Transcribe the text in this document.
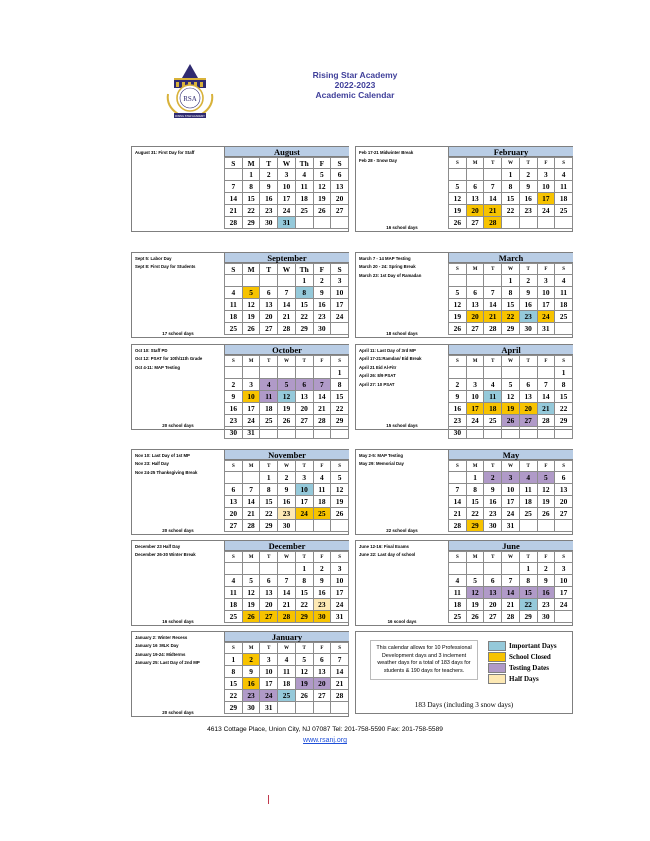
RSA
RISING STAR ACADEMY
Rising Star Academy
2022-2023
Academic Calendar
August 31: First Day for Staff	August
S	M	T	W	Th	F	S
	1	2	3	4	5	6
7	8	9	10	11	12	13
14	15	16	17	18	19	20
21	22	23	24	25	26	27
28	29	30	31			
Sept 5: Labor Day
Sept 8: First Day for Students
17 school days
September
S	M	T	W	Th	F	S
				1	2	3
4	5	6	7	8	9	10
11	12	13	14	15	16	17
18	19	20	21	22	23	24
25	26	27	28	29	30	
Oct 10: Staff PD
Oct 12: PSAT for 10th/11th Grade
Oct 4-11: MAP Testing
20 school days
October
S	M	T	W	T	F	S
						1
2	3	4	5	6	7	8
9	10	11	12	13	14	15
16	17	18	19	20	21	22
23	24	25	26	27	28	29
30	31					
Nov 10: Last Day of 1st MP
Nov 23: Half Day
Nov 24-25 Thanksgiving Break
20 school days
November
S	M	T	W	T	F	S
		1	2	3	4	5
6	7	8	9	10	11	12
13	14	15	16	17	18	19
20	21	22	23	24	25	26
27	28	29	30			
December 23 Half Day
December 26-30 Winter Break
16 school days
December
S	M	T	W	T	F	S
				1	2	3
4	5	6	7	8	9	10
11	12	13	14	15	16	17
18	19	20	21	22	23	24
25	26	27	28	29	30	31
January 2: Winter Recess
January 16 :MLK Day
January 19-24: Midterms
January 25: Last Day of 2nd MP
20 school days
January
S	M	T	W	T	F	S
1	2	3	4	5	6	7
8	9	10	11	12	13	14
15	16	17	18	19	20	21
22	23	24	25	26	27	28
29	30	31				
Feb 17-21 Midwinter Break
Feb 28 - Snow Day
16 school days
February
S	M	T	W	T	F	S
			1	2	3	4
5	6	7	8	9	10	11
12	13	14	15	16	17	18
19	20	21	22	23	24	25
26	27	28				
March 7 - 14 MAP Testing
March 20 - 24: Spring Break
March 23: 1st Day of Ramadan
18 school days
March
S	M	T	W	T	F	S
			1	2	3	4
5	6	7	8	9	10	11
12	13	14	15	16	17	18
19	20	21	22	23	24	25
26	27	28	29	30	31	
April 11: Last Day of 3rd MP
April 17-21:Ramdan/ Eid Break
April 21 Eid Al-Fitr
April 26: 8/9 PSAT
April 27: 10 PSAT
15 school days
April
S	M	T	W	T	F	S
						1
2	3	4	5	6	7	8
9	10	11	12	13	14	15
16	17	18	19	20	21	22
23	24	25	26	27	28	29
30						
May 2-5: MAP Testing
May 29: Memorial Day
22 school days
May
S	M	T	W	T	F	S
	1	2	3	4	5	6
7	8	9	10	11	12	13
14	15	16	17	18	19	20
21	22	23	24	25	26	27
28	29	30	31			
June 12-16: Final Exams
June 22: Last day of school
16 scool days
June
S	M	T	W	T	F	S
				1	2	3
4	5	6	7	8	9	10
11	12	13	14	15	16	17
18	19	20	21	22	23	24
25	26	27	28	29	30	
This calendar allows for 10 Professional Development days and 3 inclement weather days for a total of 183 days for students & 190 days for teachers.
Important Days
School Closed
Testing Dates
Half Days
183 Days (including 3 snow days)
4613 Cottage Place, Union City, NJ 07087 Tel: 201-758-5590 Fax: 201-758-5589
www.rsanj.org
